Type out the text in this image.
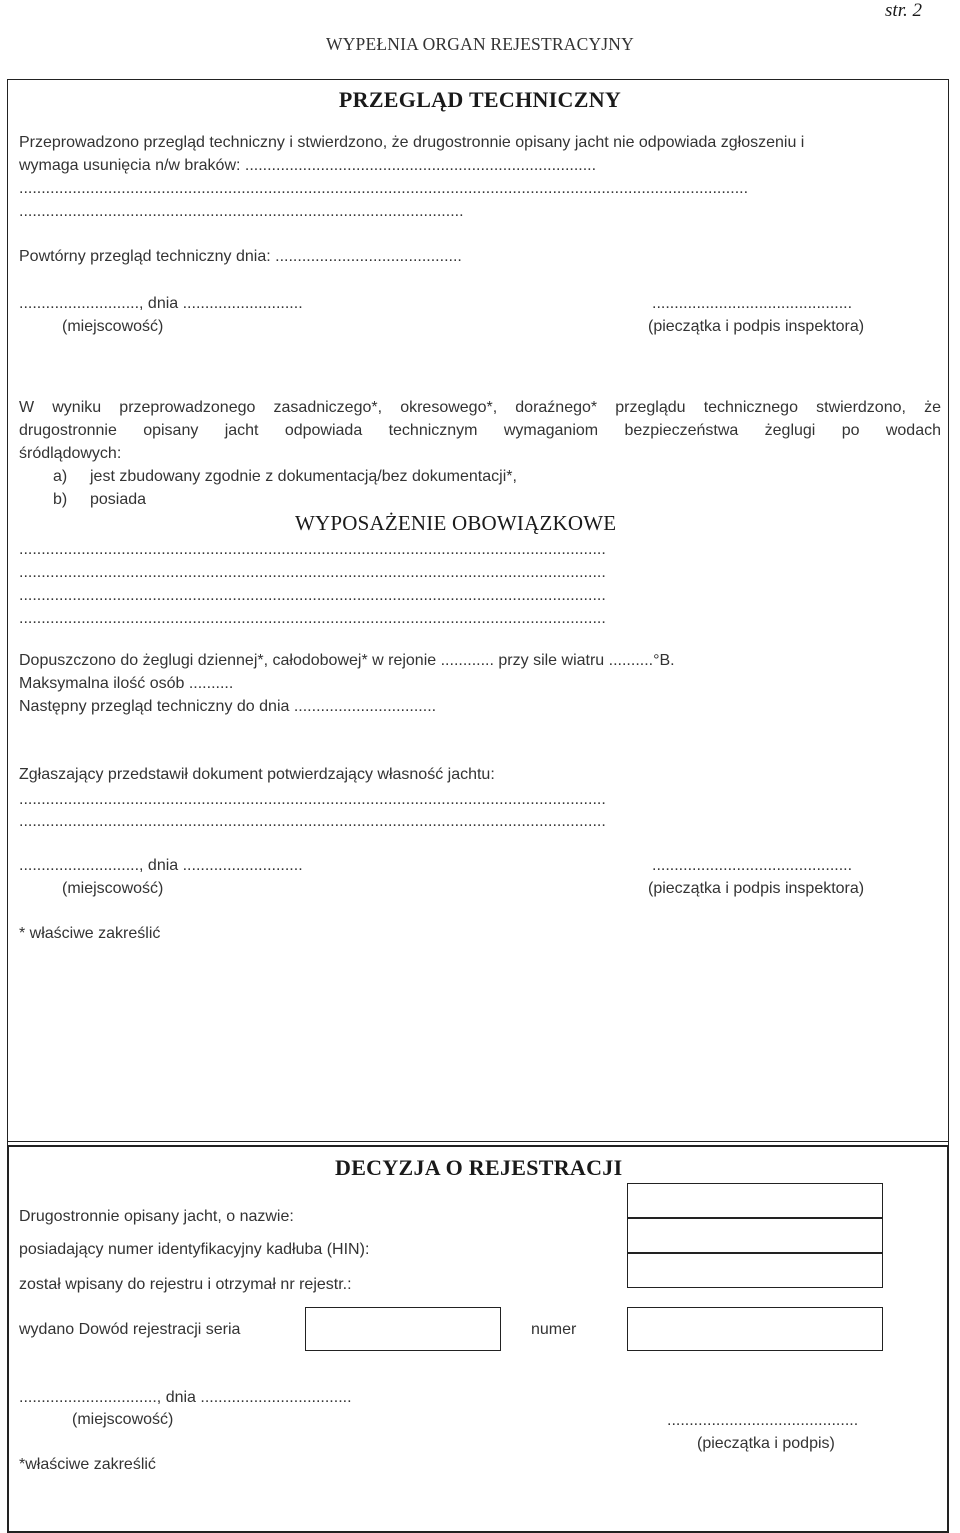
str. 2
WYPEŁNIA ORGAN REJESTRACYJNY
PRZEGLĄD TECHNICZNY
Przeprowadzono przegląd techniczny i stwierdzono, że drugostronnie opisany jacht nie odpowiada zgłoszeniu i
wymaga usunięcia n/w braków: ...............................................................................
....................................................................................................................................................................
....................................................................................................
Powtórny przegląd techniczny dnia: ..........................................
..........................., dnia ...........................
(miejscowość)
.............................................
(pieczątka i podpis inspektora)
W wyniku przeprowadzonego zasadniczego*, okresowego*, doraźnego* przeglądu technicznego stwierdzono, że
drugostronnie opisany jacht odpowiada technicznym wymaganiom bezpieczeństwa żeglugi po wodach
śródlądowych:
a) jest zbudowany zgodnie z dokumentacją/bez dokumentacji*,
b) posiada
WYPOSAŻENIE OBOWIĄZKOWE
....................................................................................................................................
....................................................................................................................................
....................................................................................................................................
....................................................................................................................................
Dopuszczono do żeglugi dziennej*, całodobowej* w rejonie ............ przy sile wiatru ..........°B.
Maksymalna ilość osób ..........
Następny przegląd techniczny do dnia ................................
Zgłaszający przedstawił dokument potwierdzający własność jachtu:
....................................................................................................................................
....................................................................................................................................
..........................., dnia ...........................
(miejscowość)
.............................................
(pieczątka i podpis inspektora)
* właściwe zakreślić
DECYZJA O REJESTRACJI
Drugostronnie opisany jacht, o nazwie:
posiadający numer identyfikacyjny kadłuba (HIN):
został wpisany do rejestru i otrzymał nr rejestr.:
wydano Dowód rejestracji seria	numer
..............................., dnia ..................................
(miejscowość)	...........................................
(pieczątka i podpis)
*właściwe zakreślić
